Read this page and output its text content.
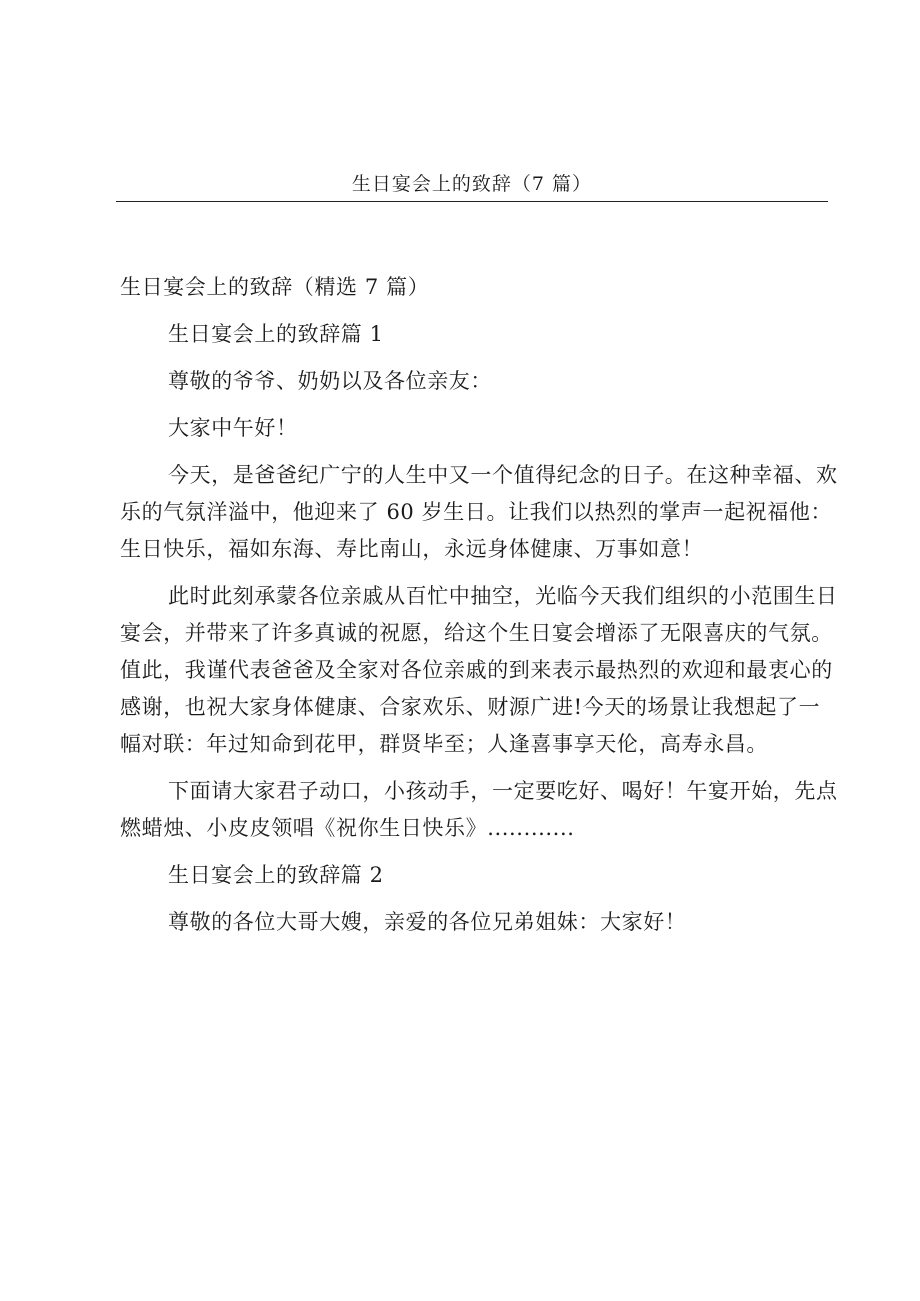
生日宴会上的致辞（7 篇）

生日宴会上的致辞（精选 7 篇）

生日宴会上的致辞篇 1

尊敬的爷爷、奶奶以及各位亲友：

大家中午好！

今天，是爸爸纪广宁的人生中又一个值得纪念的日子。在这种幸福、欢乐的气氛洋溢中，他迎来了 60 岁生日。让我们以热烈的掌声一起祝福他：生日快乐，福如东海、寿比南山，永远身体健康、万事如意！

此时此刻承蒙各位亲戚从百忙中抽空，光临今天我们组织的小范围生日宴会，并带来了许多真诚的祝愿，给这个生日宴会增添了无限喜庆的气氛。值此，我谨代表爸爸及全家对各位亲戚的到来表示最热烈的欢迎和最衷心的感谢，也祝大家身体健康、合家欢乐、财源广进!今天的场景让我想起了一幅对联：年过知命到花甲，群贤毕至；人逢喜事享天伦，高寿永昌。

下面请大家君子动口，小孩动手，一定要吃好、喝好！午宴开始，先点燃蜡烛、小皮皮领唱《祝你生日快乐》............

生日宴会上的致辞篇 2

尊敬的各位大哥大嫂，亲爱的各位兄弟姐妹：大家好！
